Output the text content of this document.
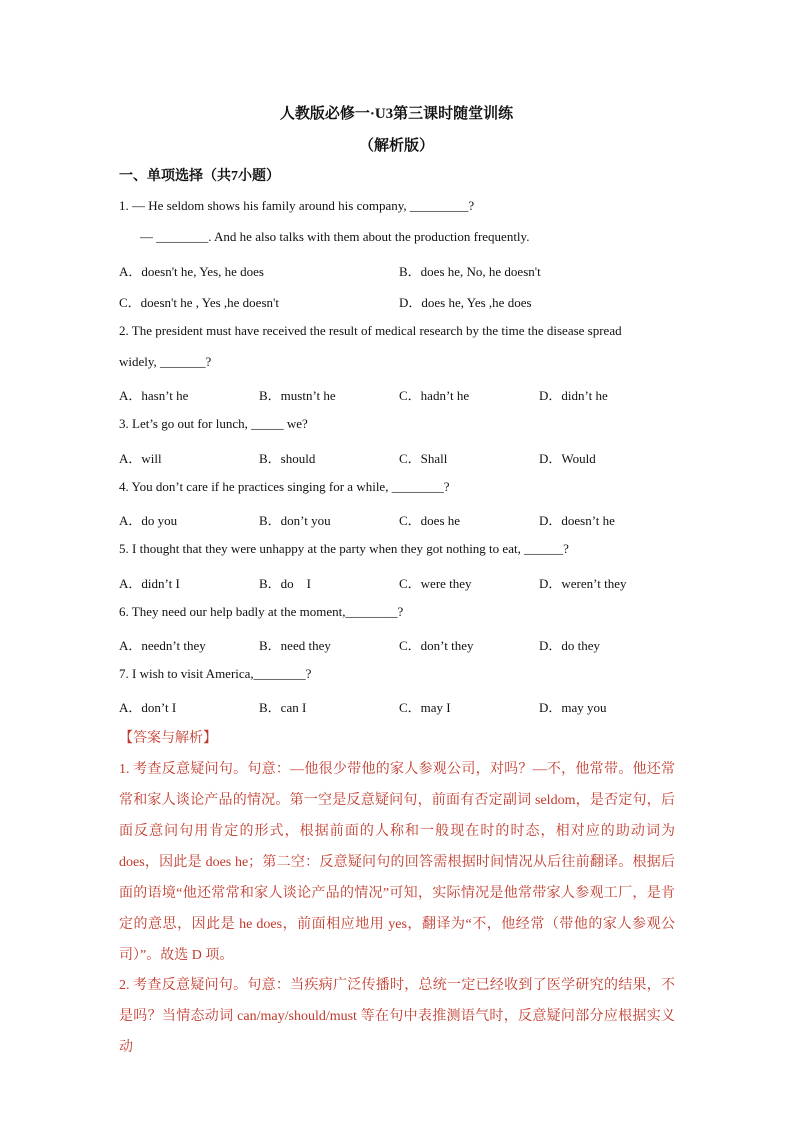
人教版必修一·U3第三课时随堂训练
（解析版）
一、单项选择（共7小题）
1. — He seldom shows his family around his company, _________?
— ________. And he also talks with them about the production frequently.
A．doesn't he, Yes, he does	B．does he, No, he doesn't
C．doesn't he , Yes ,he doesn't	D．does he, Yes ,he does
2. The president must have received the result of medical research by the time the disease spread
widely, _______?
A．hasn’t he	B．mustn’t he	C．hadn’t he	D．didn’t he
3. Let’s go out for lunch, _____ we?
A．will	B．should	C．Shall	D．Would
4. You don’t care if he practices singing for a while, ________?
A．do you	B．don’t you	C．does he	D．doesn’t he
5. I thought that they were unhappy at the party when they got nothing to eat, ______?
A．didn’t I	B．do    I	C．were they	D．weren’t they
6. They need our help badly at the moment,________?
A．needn’t they	B．need they	C．don’t they	D．do they
7. I wish to visit America,________?
A．don’t I	B．can I	C．may I	D．may you
【答案与解析】
1. 考查反意疑问句。句意：—他很少带他的家人参观公司，对吗？—不，他常带。他还常常和家人谈论产品的情况。第一空是反意疑问句，前面有否定副词 seldom，是否定句，后面反意问句用肯定的形式，根据前面的人称和一般现在时的时态，相对应的助动词为 does，因此是 does he；第二空：反意疑问句的回答需根据时间情况从后往前翻译。根据后面的语境“他还常常和家人谈论产品的情况”可知，实际情况是他常带家人参观工厂，是肯定的意思，因此是 he does，前面相应地用 yes，翻译为“不，他经常（带他的家人参观公司）”。故选 D 项。
2. 考查反意疑问句。句意：当疾病广泛传播时，总统一定已经收到了医学研究的结果，不是吗？当情态动词 can/may/should/must 等在句中表推测语气时，反意疑问部分应根据实义动
